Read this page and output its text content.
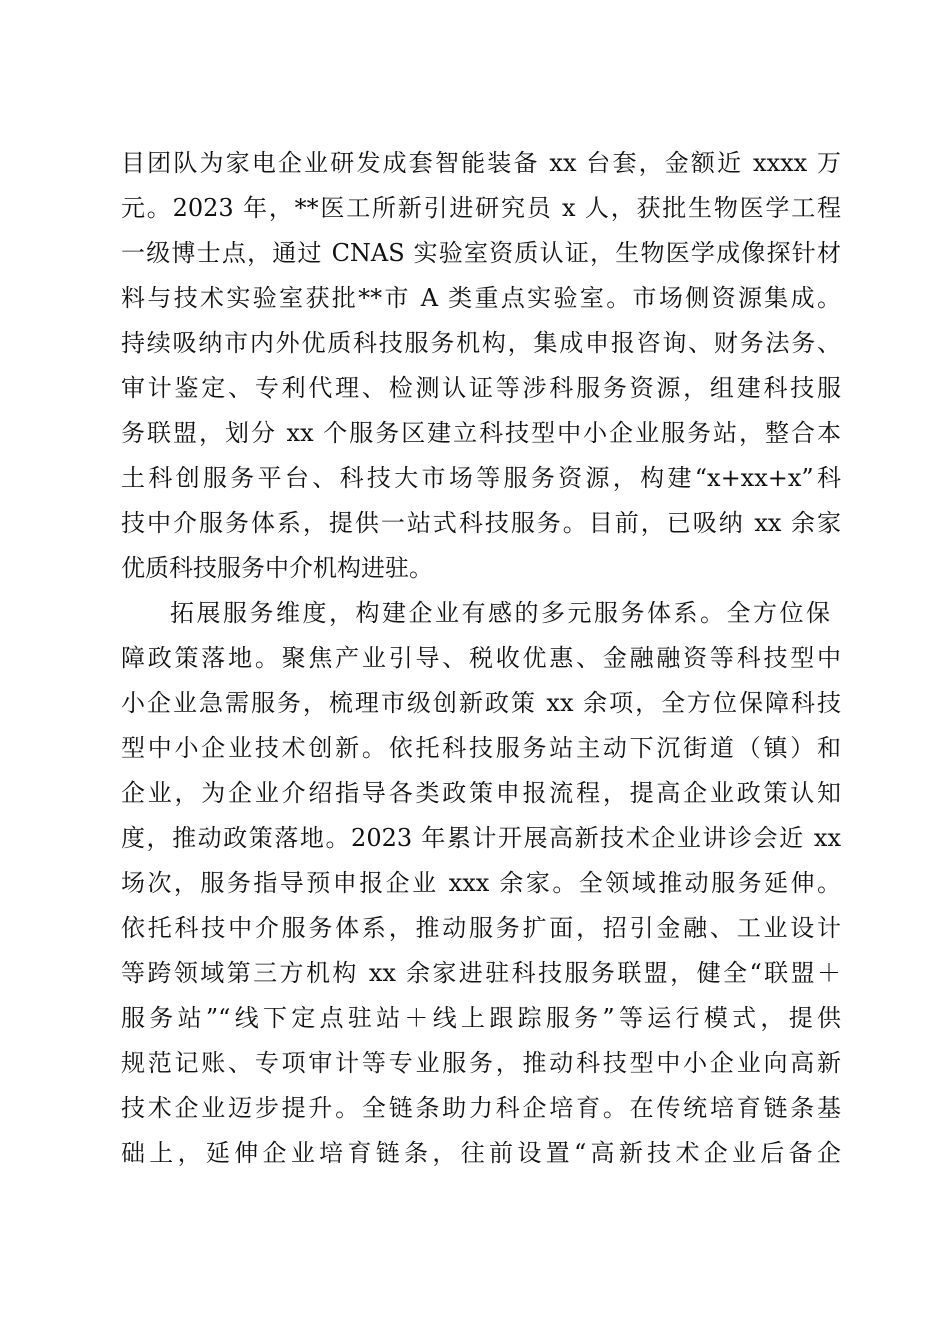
目团队为家电企业研发成套智能装备 xx 台套，金额近 xxxx 万
元。2023 年，**医工所新引进研究员 x 人，获批生物医学工程
一级博士点，通过 CNAS 实验室资质认证，生物医学成像探针材
料与技术实验室获批**市 A 类重点实验室。市场侧资源集成。
持续吸纳市内外优质科技服务机构，集成申报咨询、财务法务、
审计鉴定、专利代理、检测认证等涉科服务资源，组建科技服
务联盟，划分 xx 个服务区建立科技型中小企业服务站，整合本
土科创服务平台、科技大市场等服务资源，构建“x+xx+x”科
技中介服务体系，提供一站式科技服务。目前，已吸纳 xx 余家
优质科技服务中介机构进驻。
拓展服务维度，构建企业有感的多元服务体系。全方位保
障政策落地。聚焦产业引导、税收优惠、金融融资等科技型中
小企业急需服务，梳理市级创新政策 xx 余项，全方位保障科技
型中小企业技术创新。依托科技服务站主动下沉街道（镇）和
企业，为企业介绍指导各类政策申报流程，提高企业政策认知
度，推动政策落地。2023 年累计开展高新技术企业讲诊会近 xx
场次，服务指导预申报企业 xxx 余家。全领域推动服务延伸。
依托科技中介服务体系，推动服务扩面，招引金融、工业设计
等跨领域第三方机构 xx 余家进驻科技服务联盟，健全“联盟＋
服务站”“线下定点驻站＋线上跟踪服务”等运行模式，提供
规范记账、专项审计等专业服务，推动科技型中小企业向高新
技术企业迈步提升。全链条助力科企培育。在传统培育链条基
础上，延伸企业培育链条，往前设置“高新技术企业后备企
